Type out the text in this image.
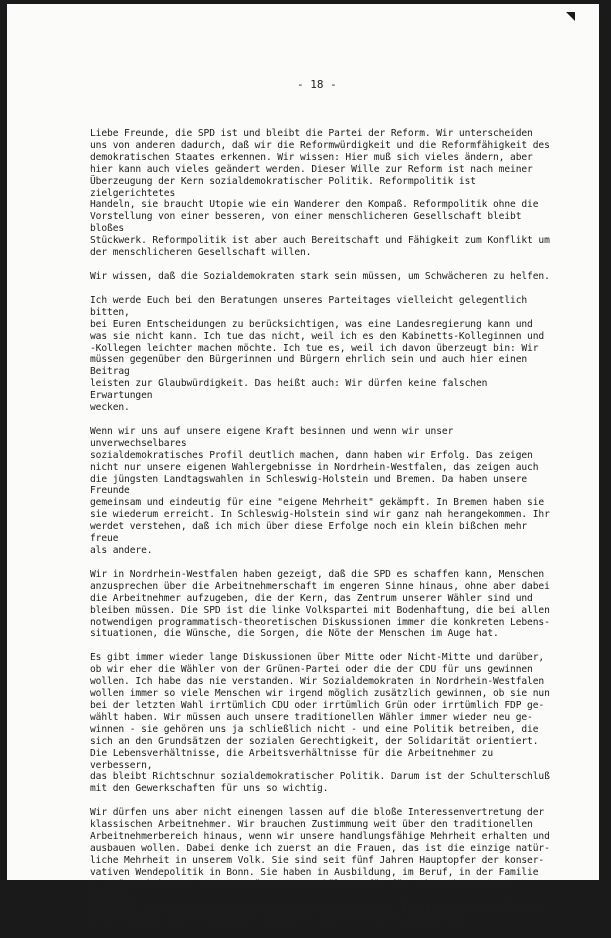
- 18 -

Liebe Freunde, die SPD ist und bleibt die Partei der Reform. Wir unterscheiden
uns von anderen dadurch, daß wir die Reformwürdigkeit und die Reformfähigkeit des
demokratischen Staates erkennen. Wir wissen: Hier muß sich vieles ändern, aber
hier kann auch vieles geändert werden. Dieser Wille zur Reform ist nach meiner
Überzeugung der Kern sozialdemokratischer Politik. Reformpolitik ist zielgerichtetes
Handeln, sie braucht Utopie wie ein Wanderer den Kompaß. Reformpolitik ohne die
Vorstellung von einer besseren, von einer menschlicheren Gesellschaft bleibt bloßes
Stückwerk. Reformpolitik ist aber auch Bereitschaft und Fähigkeit zum Konflikt um
der menschlicheren Gesellschaft willen.

Wir wissen, daß die Sozialdemokraten stark sein müssen, um Schwächeren zu helfen.

Ich werde Euch bei den Beratungen unseres Parteitages vielleicht gelegentlich bitten,
bei Euren Entscheidungen zu berücksichtigen, was eine Landesregierung kann und
was sie nicht kann. Ich tue das nicht, weil ich es den Kabinetts-Kolleginnen und
-Kollegen leichter machen möchte. Ich tue es, weil ich davon überzeugt bin: Wir
müssen gegenüber den Bürgerinnen und Bürgern ehrlich sein und auch hier einen Beitrag
leisten zur Glaubwürdigkeit. Das heißt auch: Wir dürfen keine falschen Erwartungen
wecken.

Wenn wir uns auf unsere eigene Kraft besinnen und wenn wir unser unverwechselbares
sozialdemokratisches Profil deutlich machen, dann haben wir Erfolg. Das zeigen
nicht nur unsere eigenen Wahlergebnisse in Nordrhein-Westfalen, das zeigen auch
die jüngsten Landtagswahlen in Schleswig-Holstein und Bremen. Da haben unsere Freunde
gemeinsam und eindeutig für eine "eigene Mehrheit" gekämpft. In Bremen haben sie
sie wiederum erreicht. In Schleswig-Holstein sind wir ganz nah herangekommen. Ihr
werdet verstehen, daß ich mich über diese Erfolge noch ein klein bißchen mehr freue
als andere.

Wir in Nordrhein-Westfalen haben gezeigt, daß die SPD es schaffen kann, Menschen
anzusprechen über die Arbeitnehmerschaft im engeren Sinne hinaus, ohne aber dabei
die Arbeitnehmer aufzugeben, die der Kern, das Zentrum unserer Wähler sind und
bleiben müssen. Die SPD ist die linke Volkspartei mit Bodenhaftung, die bei allen
notwendigen programmatisch-theoretischen Diskussionen immer die konkreten Lebens-
situationen, die Wünsche, die Sorgen, die Nöte der Menschen im Auge hat.

Es gibt immer wieder lange Diskussionen über Mitte oder Nicht-Mitte und darüber,
ob wir eher die Wähler von der Grünen-Partei oder die der CDU für uns gewinnen
wollen. Ich habe das nie verstanden. Wir Sozialdemokraten in Nordrhein-Westfalen
wollen immer so viele Menschen wir irgend möglich zusätzlich gewinnen, ob sie nun
bei der letzten Wahl irrtümlich CDU oder irrtümlich Grün oder irrtümlich FDP ge-
wählt haben. Wir müssen auch unsere traditionellen Wähler immer wieder neu ge-
winnen - sie gehören uns ja schließlich nicht - und eine Politik betreiben, die
sich an den Grundsätzen der sozialen Gerechtigkeit, der Solidarität orientiert.
Die Lebensverhältnisse, die Arbeitsverhältnisse für die Arbeitnehmer zu verbessern,
das bleibt Richtschnur sozialdemokratischer Politik. Darum ist der Schulterschluß
mit den Gewerkschaften für uns so wichtig.

Wir dürfen uns aber nicht einengen lassen auf die bloße Interessenvertretung der
klassischen Arbeitnehmer. Wir brauchen Zustimmung weit über den traditionellen
Arbeitnehmerbereich hinaus, wenn wir unsere handlungsfähige Mehrheit erhalten und
ausbauen wollen. Dabei denke ich zuerst an die Frauen, das ist die einzige natür-
liche Mehrheit in unserem Volk. Sie sind seit fünf Jahren Hauptopfer der konser-
vativen Wendepolitik in Bonn. Sie haben in Ausbildung, im Beruf, in der Familie
zu spüren bekommen, was Zerstörung von Schüler-Bafög für Lebenschancen von Mädchen
bedeutet, was beschäftigungspolitische Untätigkeit für Berufschancen von Frauen
heißt und was Ungerechtigkeit gegenüber älteren Rentnerinnen heißt.
